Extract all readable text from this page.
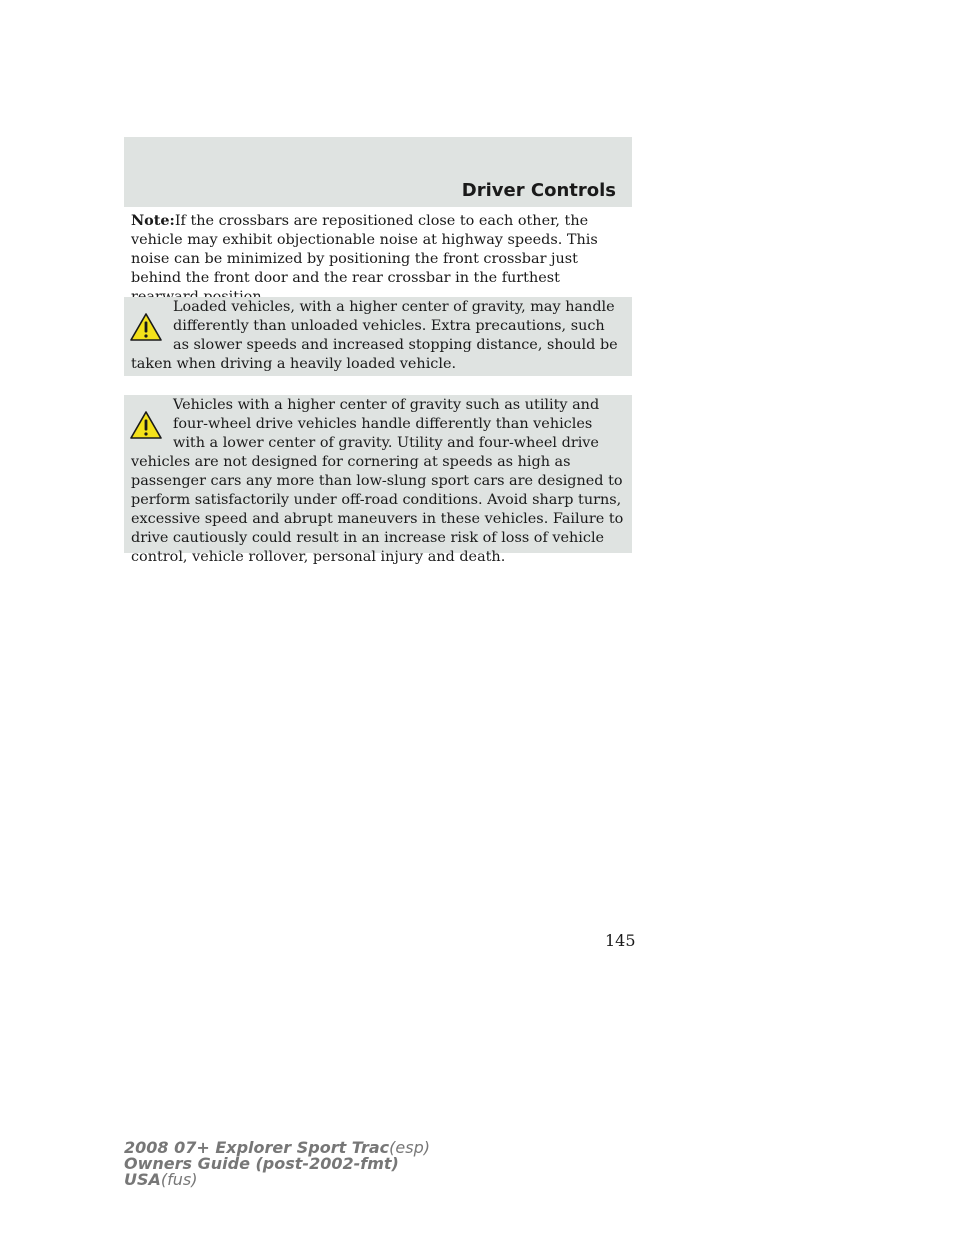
Driver Controls

Note:If the crossbars are repositioned close to each other, the vehicle may exhibit objectionable noise at highway speeds. This noise can be minimized by positioning the front crossbar just behind the front door and the rear crossbar in the furthest

Loaded vehicles, with a higher center of gravity, may handle differently than unloaded vehicles. Extra precautions, such as slower speeds and increased stopping distance, should be taken when driving a heavily loaded vehicle.

Vehicles with a higher center of gravity such as utility and four-wheel drive vehicles handle differently than vehicles with a lower center of gravity. Utility and four-wheel drive vehicles are not designed for cornering at speeds as high as passenger cars any more than low-slung sport cars are designed to perform satisfactorily under off-road conditions. Avoid sharp turns, excessive speed and abrupt maneuvers in these vehicles. Failure to drive cautiously could result in an increase risk of loss of vehicle control, vehicle rollover, personal injury and death.

145

2008 07+ Explorer Sport Trac(esp)
Owners Guide (post-2002-fmt)
USA(fus)
